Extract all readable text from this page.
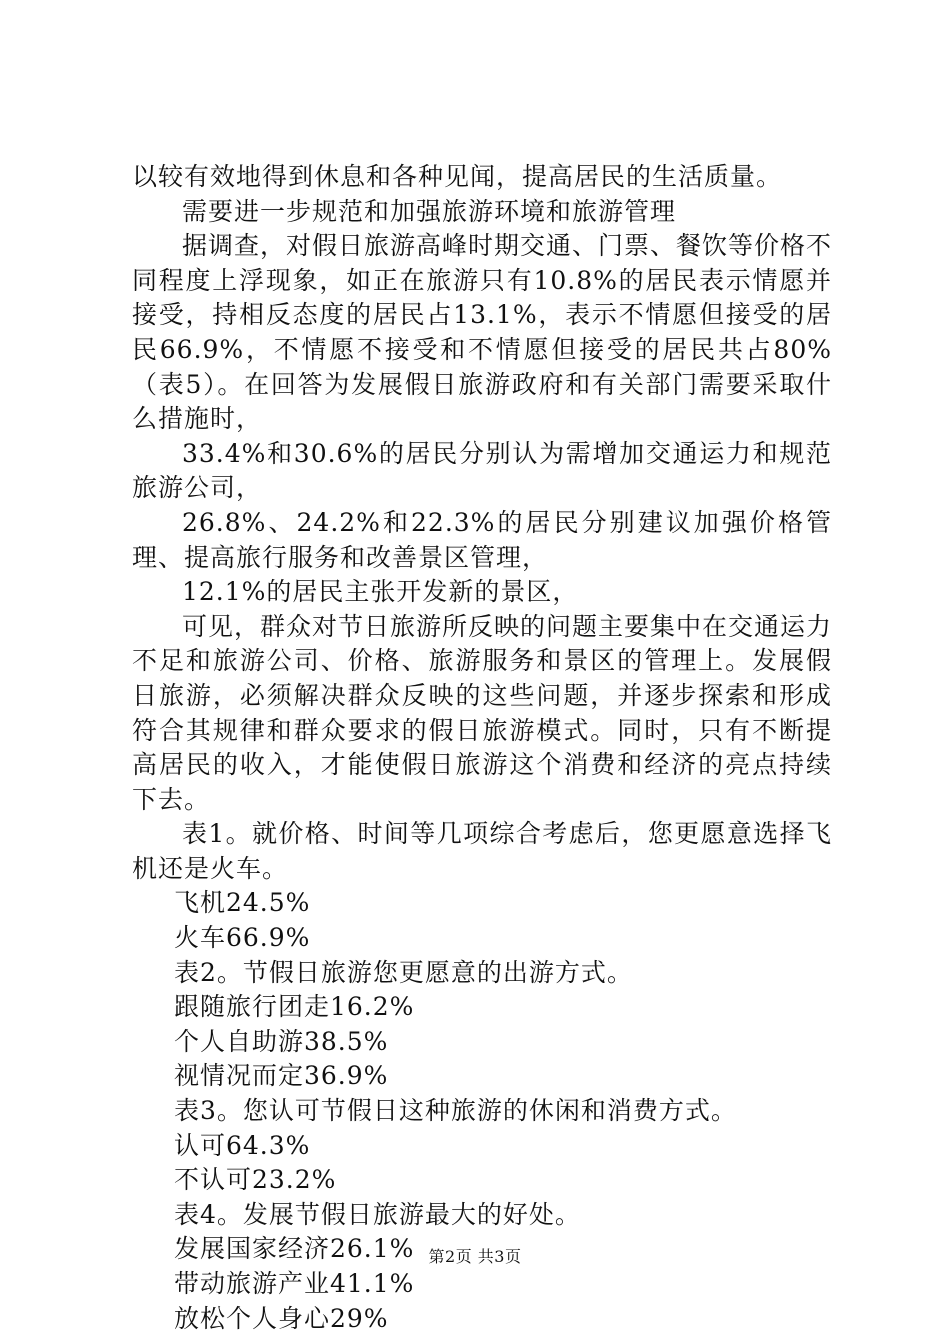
以较有效地得到休息和各种见闻，提高居民的生活质量。

需要进一步规范和加强旅游环境和旅游管理

据调查，对假日旅游高峰时期交通、门票、餐饮等价格不同程度上浮现象，如正在旅游只有10.8%的居民表示情愿并接受，持相反态度的居民占13.1%，表示不情愿但接受的居民66.9%，不情愿不接受和不情愿但接受的居民共占80%（表5）。在回答为发展假日旅游政府和有关部门需要采取什么措施时，

33.4%和30.6%的居民分别认为需增加交通运力和规范旅游公司，

26.8%、24.2%和22.3%的居民分别建议加强价格管理、提高旅行服务和改善景区管理，

12.1%的居民主张开发新的景区，

可见，群众对节日旅游所反映的问题主要集中在交通运力不足和旅游公司、价格、旅游服务和景区的管理上。发展假日旅游，必须解决群众反映的这些问题，并逐步探索和形成符合其规律和群众要求的假日旅游模式。同时，只有不断提高居民的收入，才能使假日旅游这个消费和经济的亮点持续下去。

表1。就价格、时间等几项综合考虑后，您更愿意选择飞机还是火车。

飞机24.5%

火车66.9%

表2。节假日旅游您更愿意的出游方式。

跟随旅行团走16.2%

个人自助游38.5%

视情况而定36.9%

表3。您认可节假日这种旅游的休闲和消费方式。

认可64.3%

不认可23.2%

表4。发展节假日旅游最大的好处。

发展国家经济26.1%

带动旅游产业41.1%

放松个人身心29%

第2页 共3页
